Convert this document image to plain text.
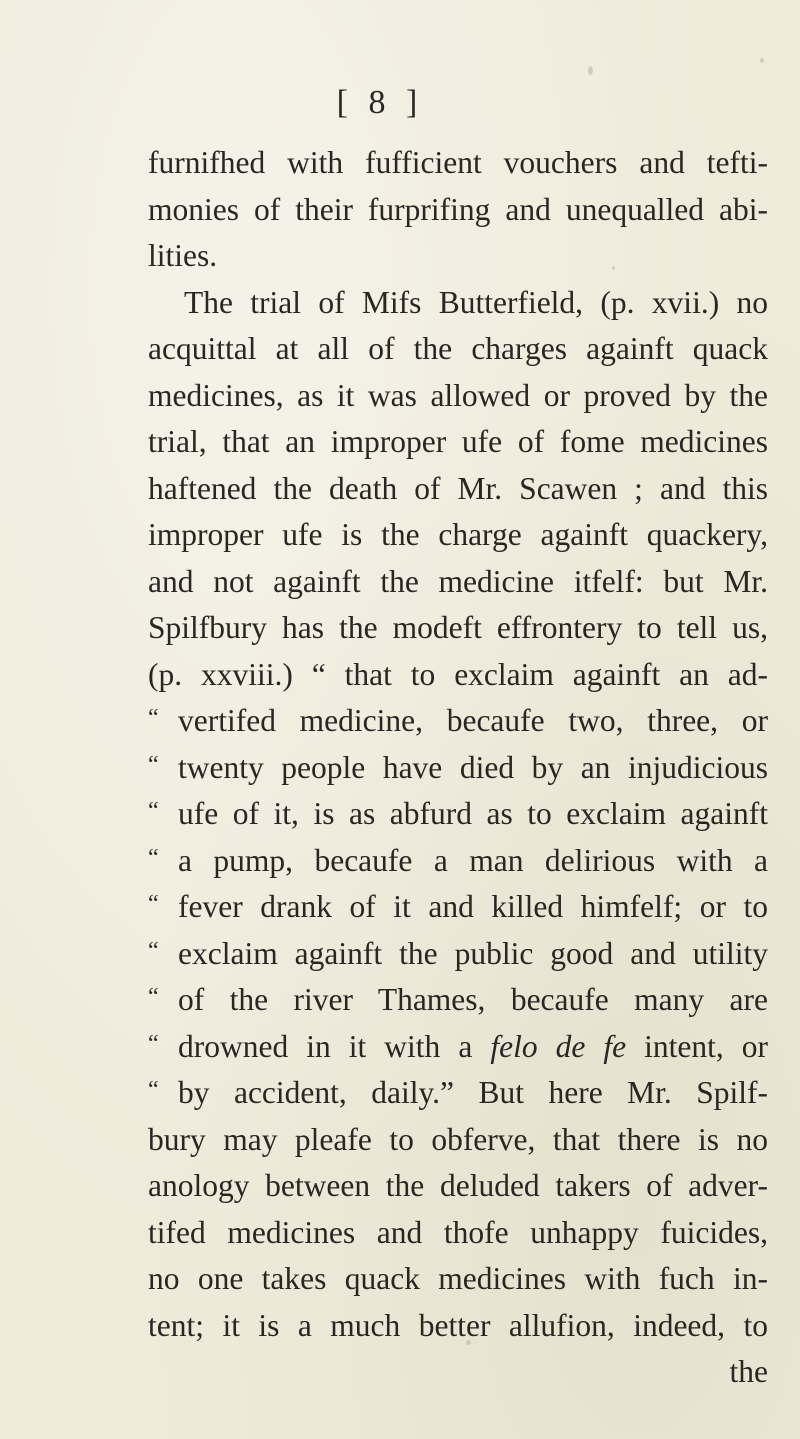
[ 8 ]
furnifhed with fufficient vouchers and tefti-
monies of their furprifing and unequalled abi-
lities.
The trial of Mifs Butterfield, (p. xvii.) no
acquittal at all of the charges againft quack
medicines, as it was allowed or proved by the
trial, that an improper ufe of fome medicines
haftened the death of Mr. Scawen ; and this
improper ufe is the charge againft quackery,
and not againft the medicine itfelf: but Mr.
Spilfbury has the modeft effrontery to tell us,
(p. xxviii.) “ that to exclaim againft an ad-
“ vertifed medicine, becaufe two, three, or
“ twenty people have died by an injudicious
“ ufe of it, is as abfurd as to exclaim againft
“ a pump, becaufe a man delirious with a
“ fever drank of it and killed himfelf; or to
“ exclaim againft the public good and utility
“ of the river Thames, becaufe many are
“ drowned in it with a felo de fe intent, or
“ by accident, daily.” But here Mr. Spilf-
bury may pleafe to obferve, that there is no
anology between the deluded takers of adver-
tifed medicines and thofe unhappy fuicides,
no one takes quack medicines with fuch in-
tent; it is a much better allufion, indeed, to
the
